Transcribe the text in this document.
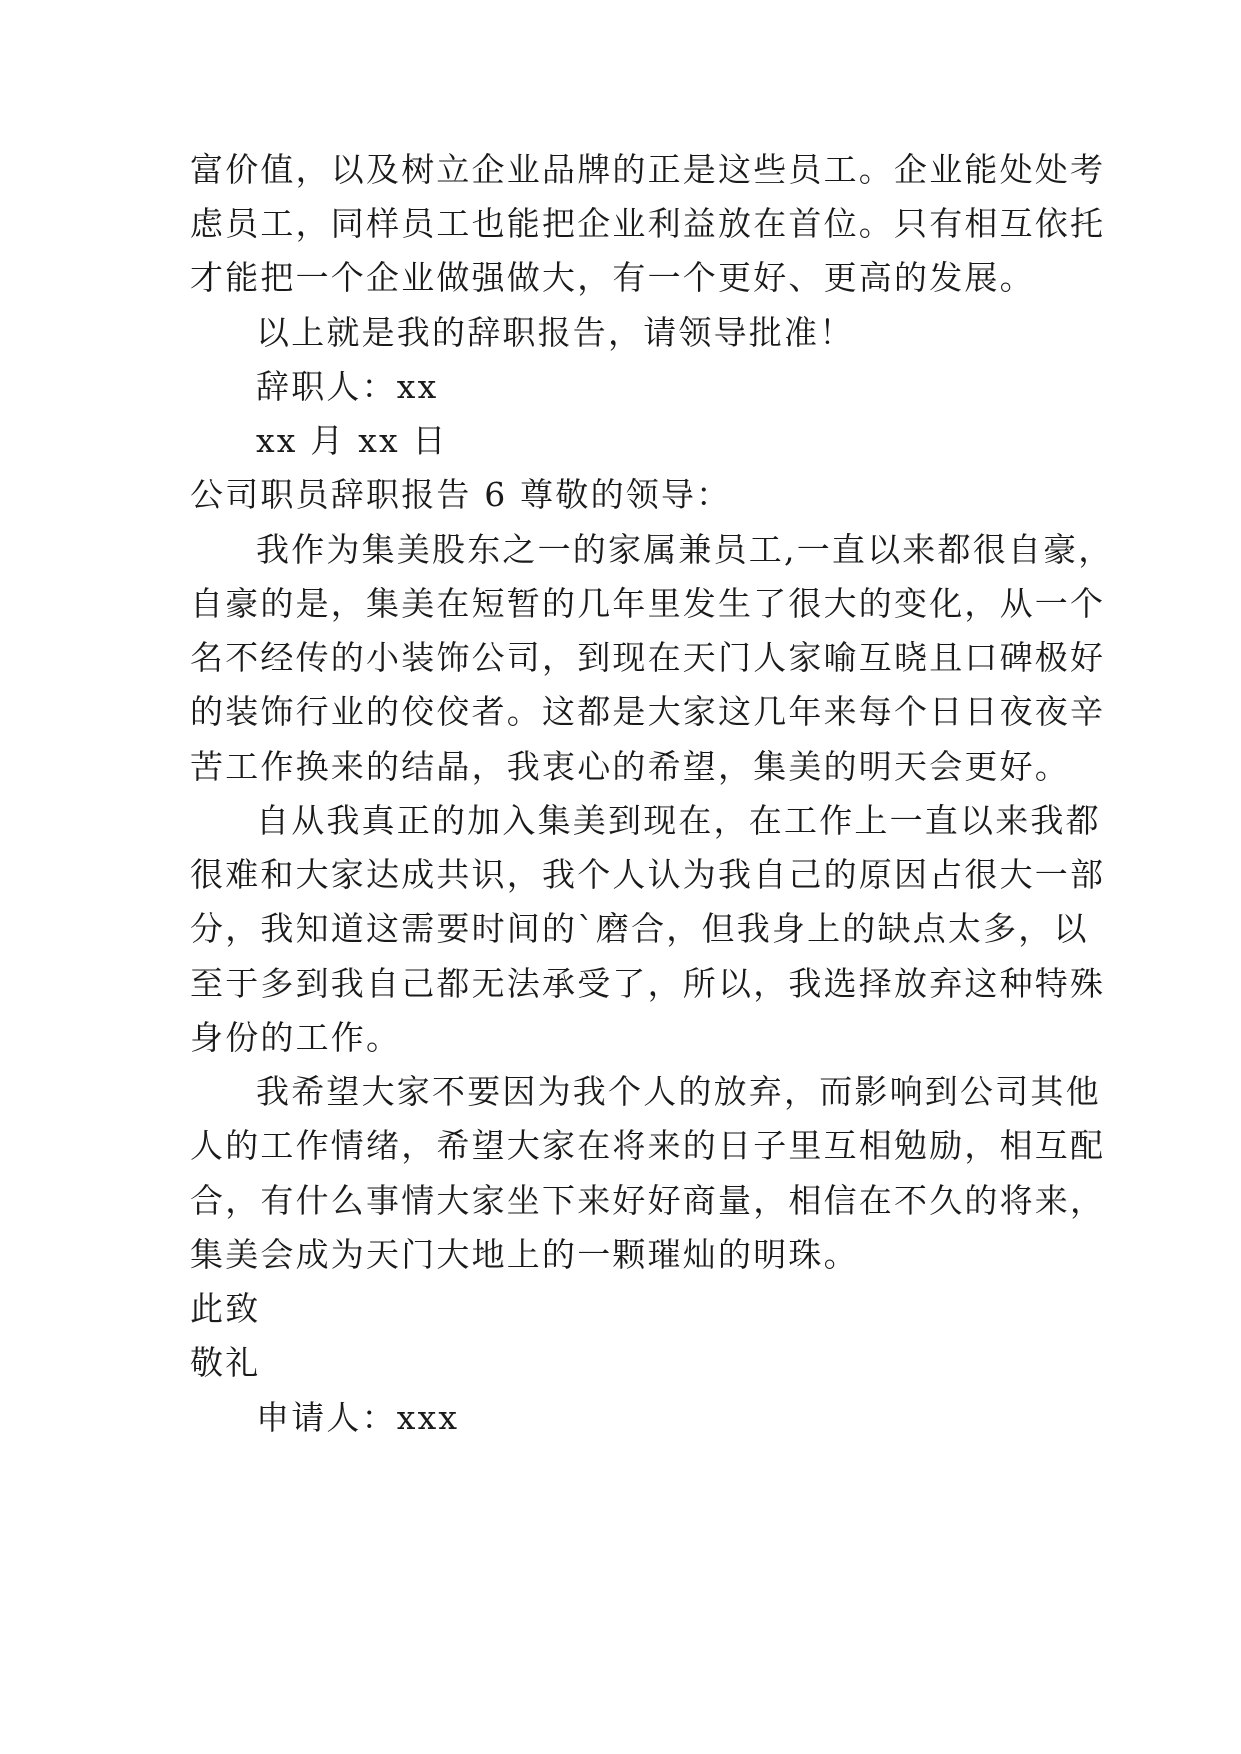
富价值，以及树立企业品牌的正是这些员工。企业能处处考
虑员工，同样员工也能把企业利益放在首位。只有相互依托
才能把一个企业做强做大，有一个更好、更高的发展。
以上就是我的辞职报告，请领导批准！
辞职人：xx
xx 月 xx 日
公司职员辞职报告 6 尊敬的领导：
我作为集美股东之一的家属兼员工,一直以来都很自豪，
自豪的是，集美在短暂的几年里发生了很大的变化，从一个
名不经传的小装饰公司，到现在天门人家喻互晓且口碑极好
的装饰行业的佼佼者。这都是大家这几年来每个日日夜夜辛
苦工作换来的结晶，我衷心的希望，集美的明天会更好。
自从我真正的加入集美到现在，在工作上一直以来我都
很难和大家达成共识，我个人认为我自己的原因占很大一部
分，我知道这需要时间的`磨合，但我身上的缺点太多，以
至于多到我自己都无法承受了，所以，我选择放弃这种特殊
身份的工作。
我希望大家不要因为我个人的放弃，而影响到公司其他
人的工作情绪，希望大家在将来的日子里互相勉励，相互配
合，有什么事情大家坐下来好好商量，相信在不久的将来，
集美会成为天门大地上的一颗璀灿的明珠。
此致
敬礼
申请人：xxx
